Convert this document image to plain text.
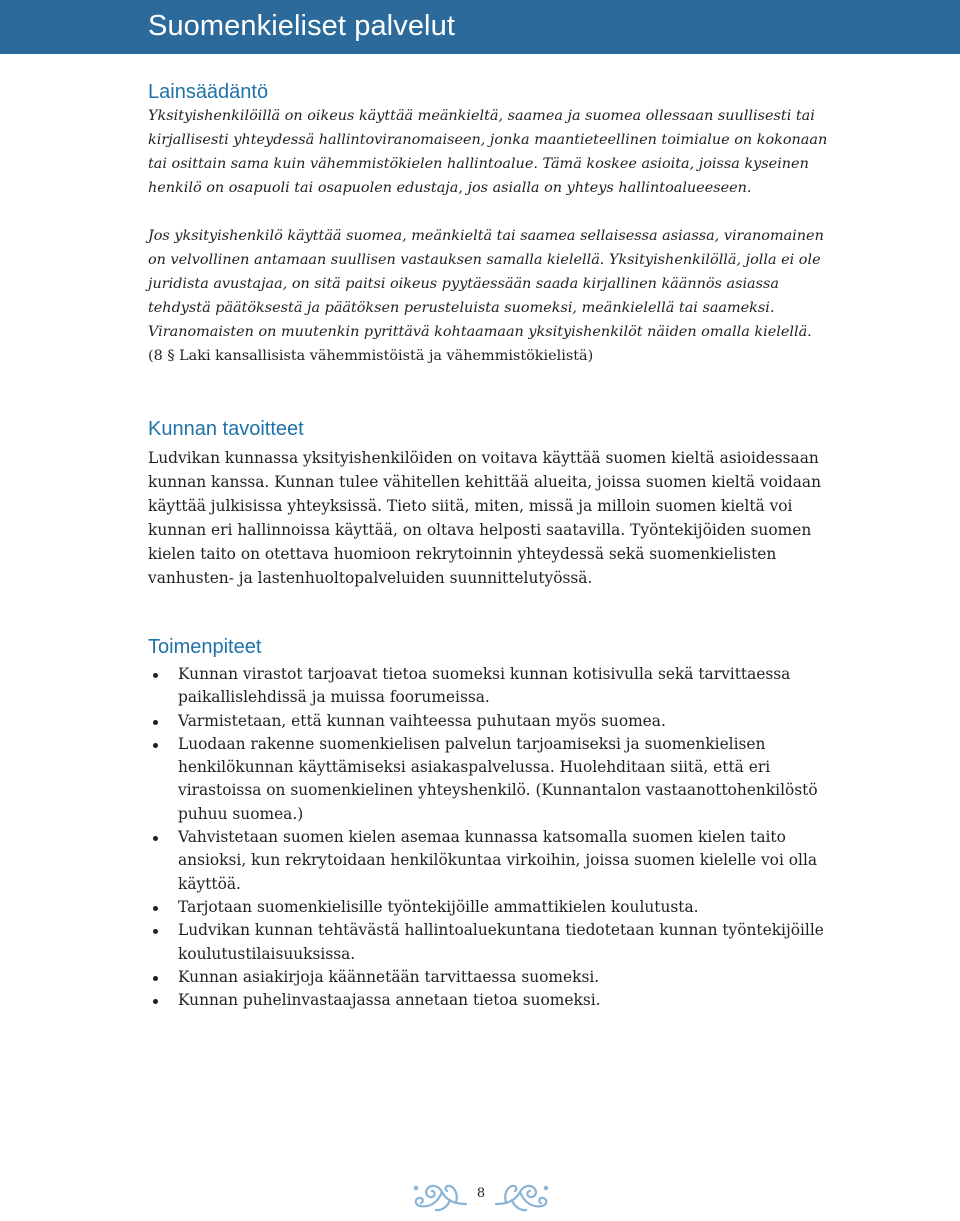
Suomenkieliset palvelut
Lainsäädäntö

Yksityishenkilöillä on oikeus käyttää meänkieltä, saamea ja suomea ollessaan suullisesti tai kirjallisesti yhteydessä hallintoviranomaiseen, jonka maantieteellinen toimialue on kokonaan tai osittain sama kuin vähemmistökielen hallintoalue. Tämä koskee asioita, joissa kyseinen henkilö on osapuoli tai osapuolen edustaja, jos asialla on yhteys hallintoalueeseen.

Jos yksityishenkilö käyttää suomea, meänkieltä tai saamea sellaisessa asiassa, viranomainen on velvollinen antamaan suullisen vastauksen samalla kielellä. Yksityishenkilöllä, jolla ei ole juridista avustajaa, on sitä paitsi oikeus pyytäessään saada kirjallinen käännös asiassa tehdystä päätöksestä ja päätöksen perusteluista suomeksi, meänkielellä tai saameksi. Viranomaisten on muutenkin pyrittävä kohtaamaan yksityishenkilöt näiden omalla kielellä.
(8 § Laki kansallisista vähemmistöistä ja vähemmistökielistä)

Kunnan tavoitteet

Ludvikan kunnassa yksityishenkilöiden on voitava käyttää suomen kieltä asioidessaan kunnan kanssa. Kunnan tulee vähitellen kehittää alueita, joissa suomen kieltä voidaan käyttää julkisissa yhteyksissä. Tieto siitä, miten, missä ja milloin suomen kieltä voi kunnan eri hallinnoissa käyttää, on oltava helposti saatavilla. Työntekijöiden suomen kielen taito on otettava huomioon rekrytoinnin yhteydessä sekä suomenkielisten vanhusten- ja lastenhuoltopalveluiden suunnittelutyössä.

Toimenpiteet
Kunnan virastot tarjoavat tietoa suomeksi kunnan kotisivulla sekä tarvittaessa paikallislehdissä ja muissa foorumeissa.
Varmistetaan, että kunnan vaihteessa puhutaan myös suomea.
Luodaan rakenne suomenkielisen palvelun tarjoamiseksi ja suomenkielisen henkilökunnan käyttämiseksi asiakaspalvelussa. Huolehditaan siitä, että eri virastoissa on suomenkielinen yhteyshenkilö. (Kunnantalon vastaanottohenkilöstö puhuu suomea.)
Vahvistetaan suomen kielen asemaa kunnassa katsomalla suomen kielen taito ansioksi, kun rekrytoidaan henkilökuntaa virkoihin, joissa suomen kielelle voi olla käyttöä.
Tarjotaan suomenkielisille työntekijöille ammattikielen koulutusta.
Ludvikan kunnan tehtävästä hallintoaluekuntana tiedotetaan kunnan työntekijöille koulutustilaisuuksissa.
Kunnan asiakirjoja käännetään tarvittaessa suomeksi.
Kunnan puhelinvastaajassa annetaan tietoa suomeksi.
8
